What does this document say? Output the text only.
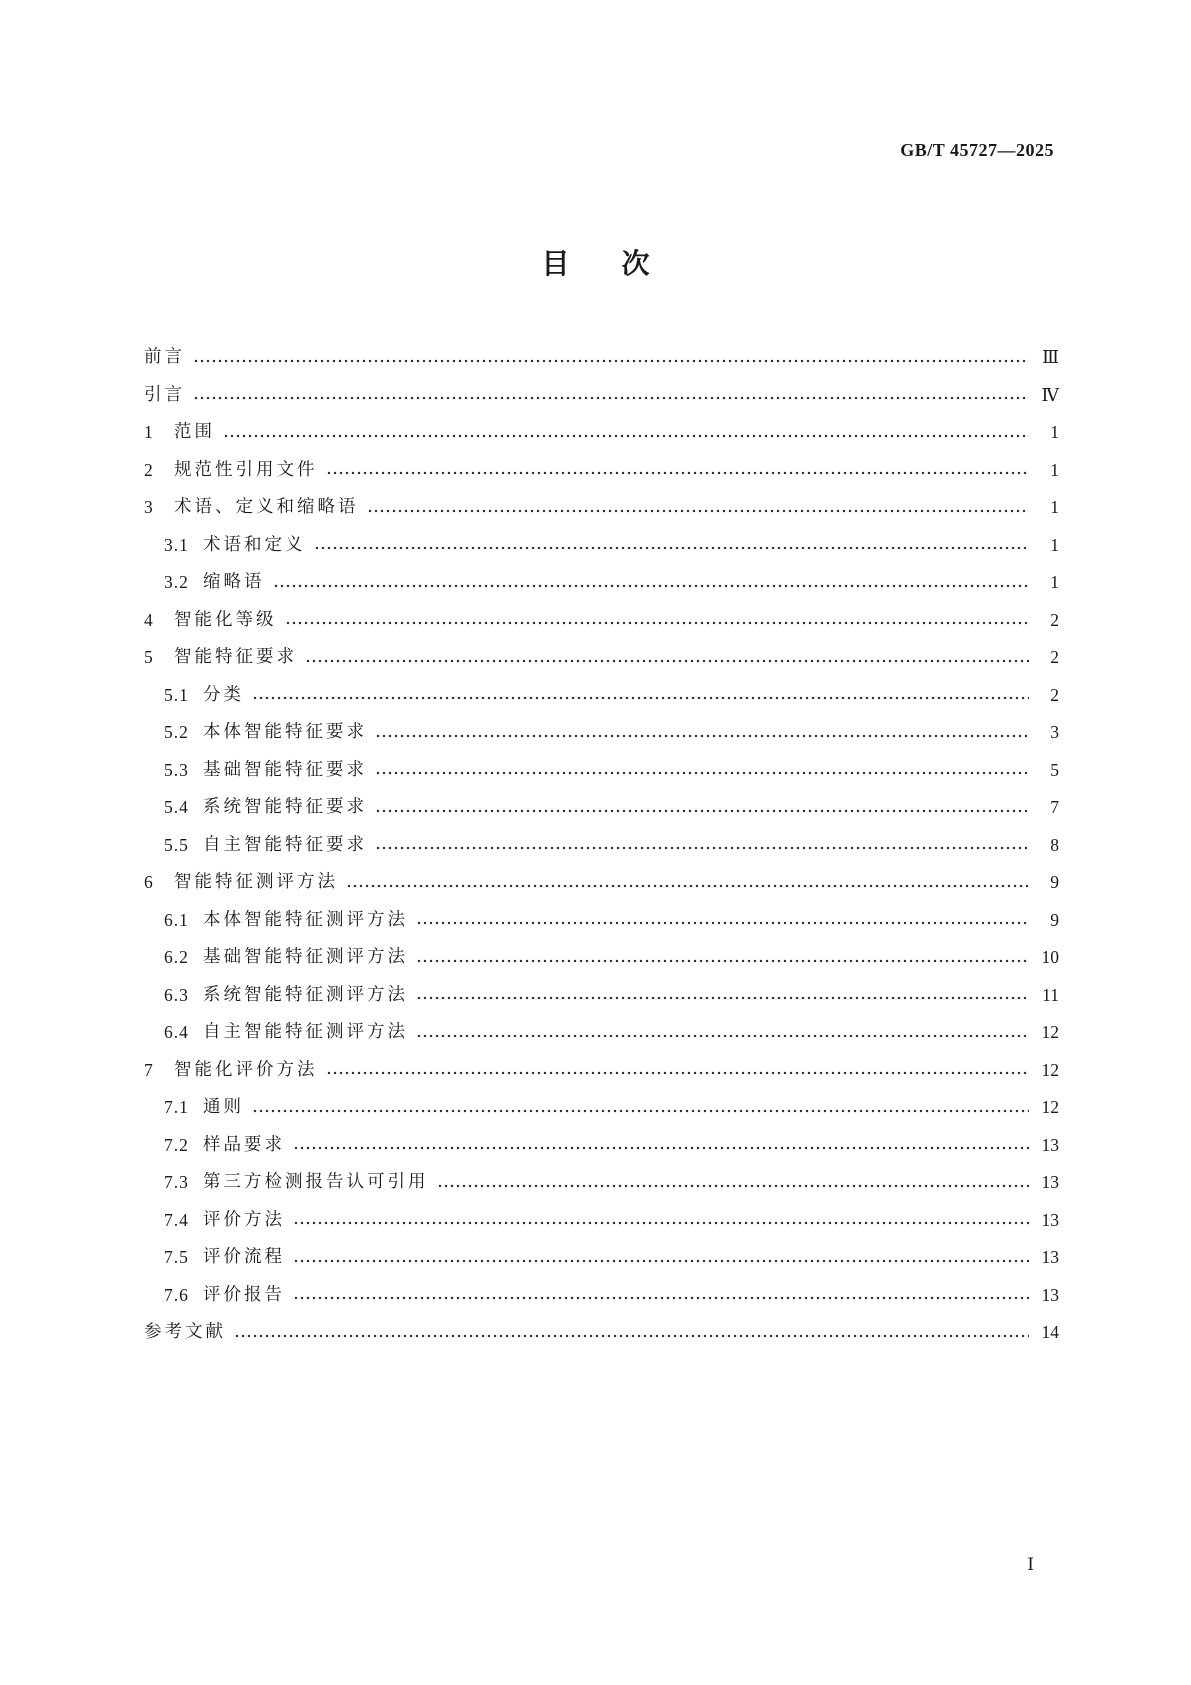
GB/T 45727—2025
目次
前言	Ⅲ
引言	Ⅳ
1	范围	1
2	规范性引用文件	1
3	术语、定义和缩略语	1
3.1 术语和定义	1
3.2 缩略语	1
4	智能化等级	2
5	智能特征要求	2
5.1 分类	2
5.2 本体智能特征要求	3
5.3 基础智能特征要求	5
5.4 系统智能特征要求	7
5.5 自主智能特征要求	8
6	智能特征测评方法	9
6.1 本体智能特征测评方法	9
6.2 基础智能特征测评方法	10
6.3 系统智能特征测评方法	11
6.4 自主智能特征测评方法	12
7	智能化评价方法	12
7.1 通则	12
7.2 样品要求	13
7.3 第三方检测报告认可引用	13
7.4 评价方法	13
7.5 评价流程	13
7.6 评价报告	13
参考文献	14
Ⅰ
